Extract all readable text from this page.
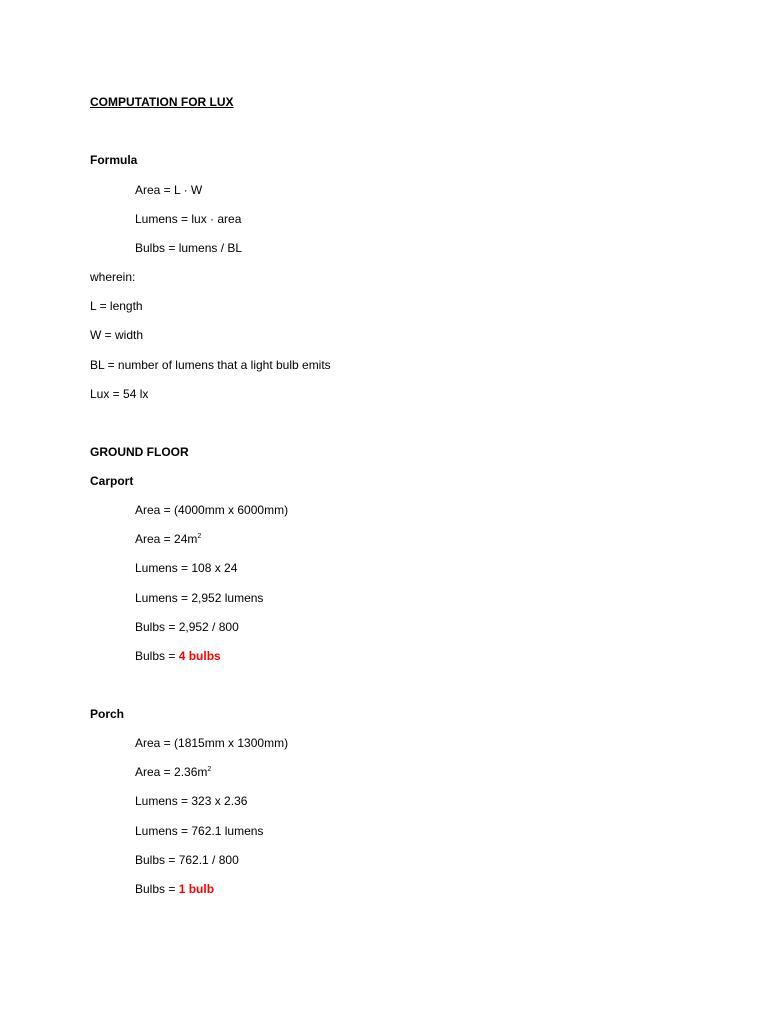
COMPUTATION FOR LUX
Formula
Area = L · W
Lumens = lux · area
Bulbs = lumens / BL
wherein:
L = length
W = width
BL = number of lumens that a light bulb emits
Lux = 54 lx
GROUND FLOOR
Carport
Area = (4000mm x 6000mm)
Area = $24m^2$
Lumens = 108 x 24
Lumens = 2,952 lumens
Bulbs = 2,952 / 800
Bulbs = 4 bulbs
Porch
Area = (1815mm x 1300mm)
Area = $2.36m^2$
Lumens = 323 x 2.36
Lumens = 762.1 lumens
Bulbs = 762.1 / 800
Bulbs = 1 bulb
